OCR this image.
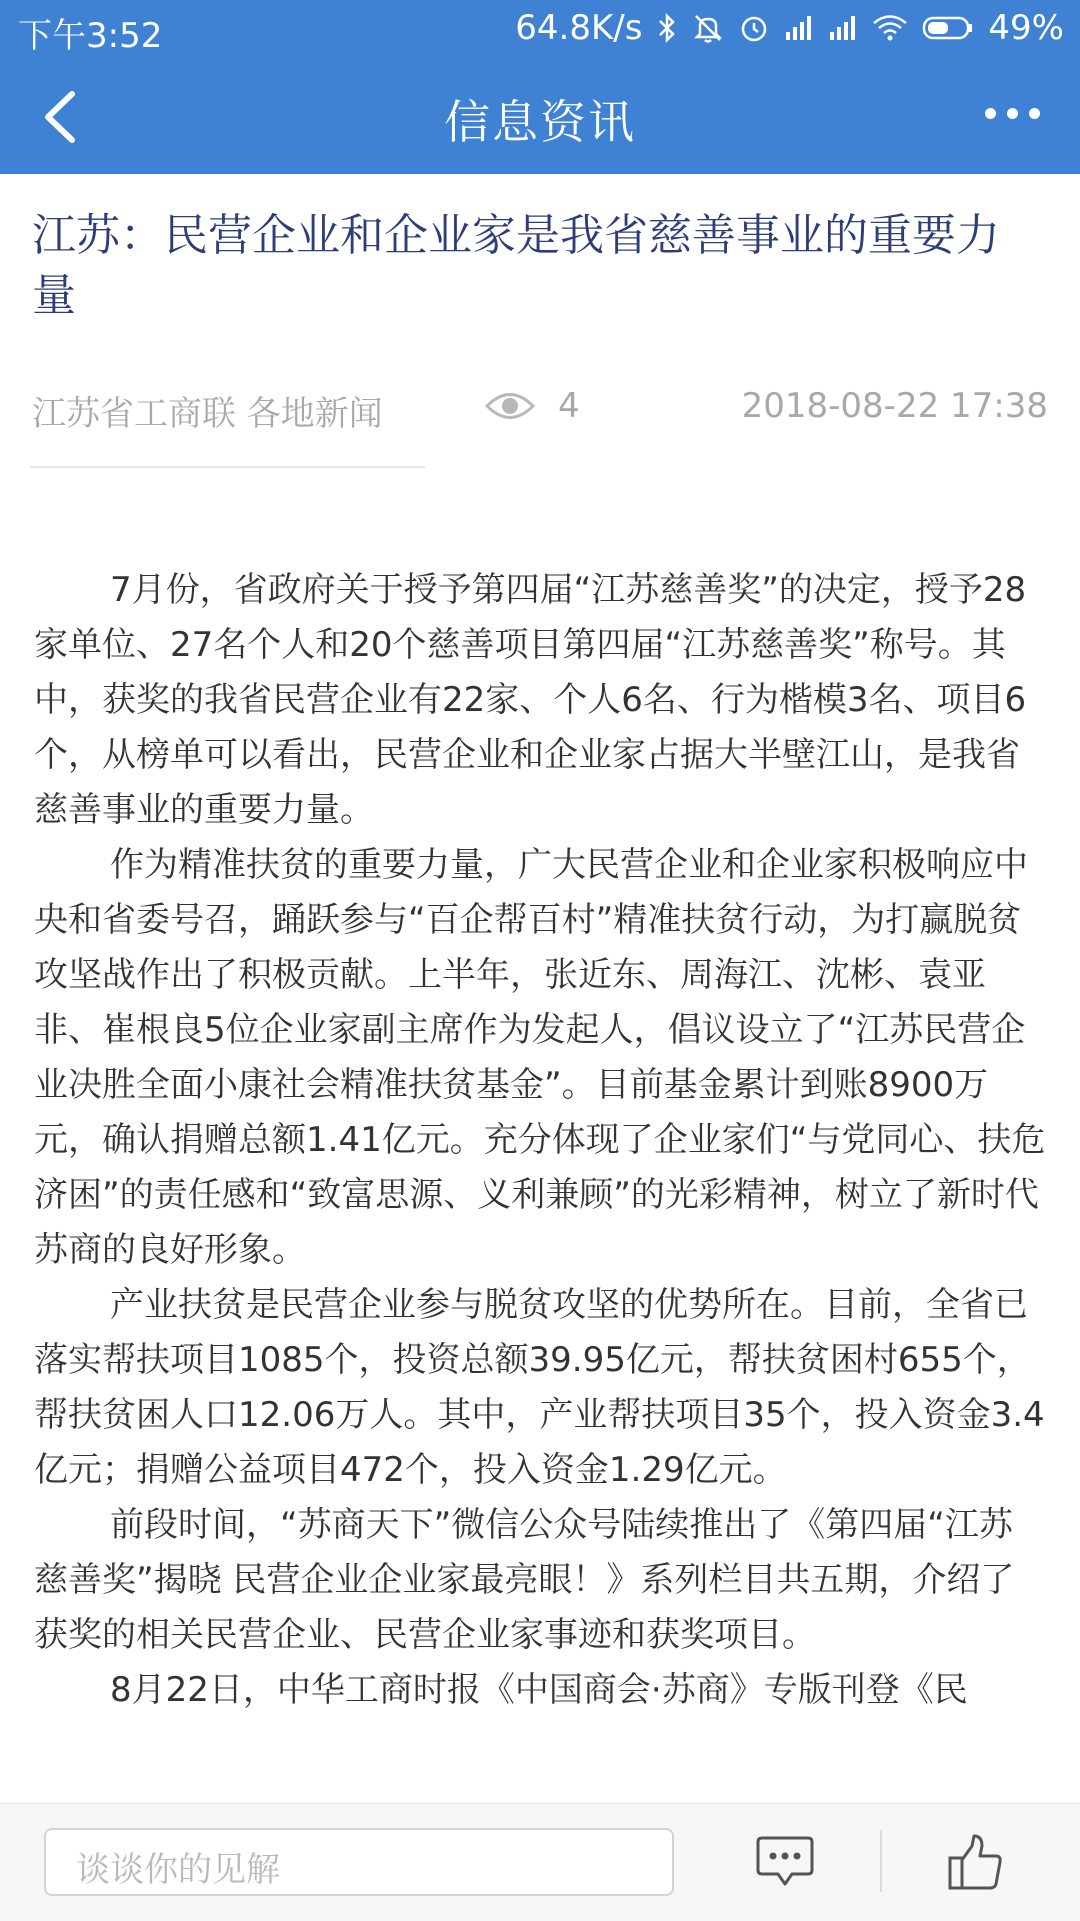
下午3:52	64.8K/s	49%
信息资讯
江苏：民营企业和企业家是我省慈善事业的重要力量
江苏省工商联 各地新闻	4	2018-08-22 17:38

7月份，省政府关于授予第四届“江苏慈善奖”的决定，授予28家单位、27名个人和20个慈善项目第四届“江苏慈善奖”称号。其中，获奖的我省民营企业有22家、个人6名、行为楷模3名、项目6个，从榜单可以看出，民营企业和企业家占据大半壁江山，是我省慈善事业的重要力量。

作为精准扶贫的重要力量，广大民营企业和企业家积极响应中央和省委号召，踊跃参与“百企帮百村”精准扶贫行动，为打赢脱贫攻坚战作出了积极贡献。上半年，张近东、周海江、沈彬、袁亚非、崔根良5位企业家副主席作为发起人，倡议设立了“江苏民营企业决胜全面小康社会精准扶贫基金”。目前基金累计到账8900万元，确认捐赠总额1.41亿元。充分体现了企业家们“与党同心、扶危济困”的责任感和“致富思源、义利兼顾”的光彩精神，树立了新时代苏商的良好形象。

产业扶贫是民营企业参与脱贫攻坚的优势所在。目前，全省已落实帮扶项目1085个，投资总额39.95亿元，帮扶贫困村655个，帮扶贫困人口12.06万人。其中，产业帮扶项目35个，投入资金3.4亿元；捐赠公益项目472个，投入资金1.29亿元。

前段时间，“苏商天下”微信公众号陆续推出了《第四届“江苏慈善奖”揭晓 民营企业企业家最亮眼！》系列栏目共五期，介绍了获奖的相关民营企业、民营企业家事迹和获奖项目。

8月22日，中华工商时报《中国商会·苏商》专版刊登《民

谈谈你的见解
